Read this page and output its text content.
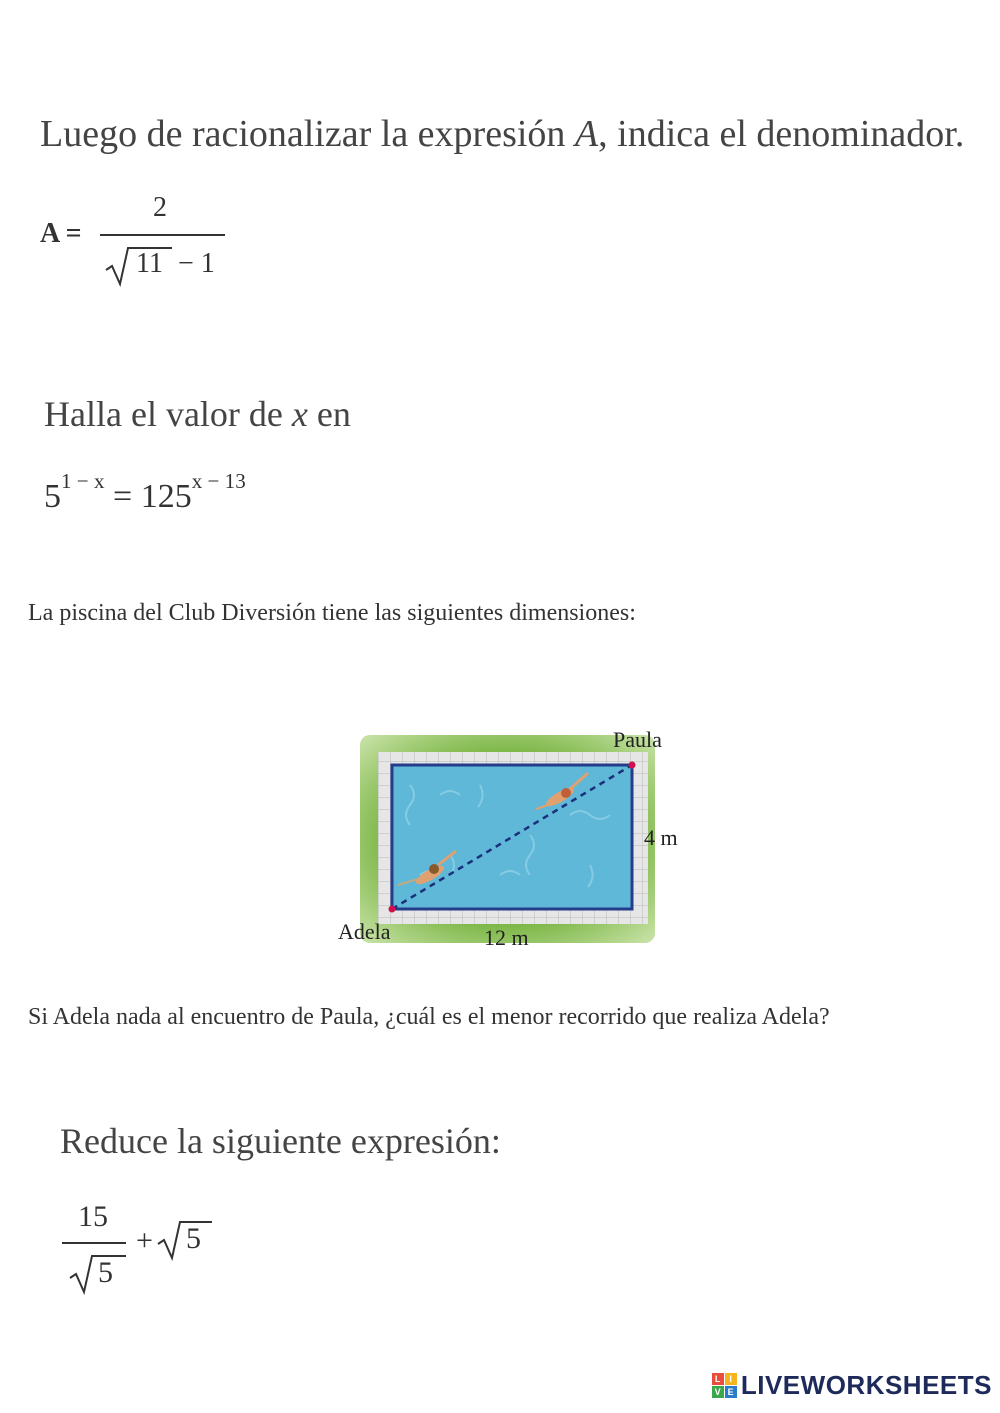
Luego de racionalizar la expresión A, indica el denominador.
A =
2
11 − 1
Halla el valor de x en
$5^{1 - x} = 125^{x - 13}$
La piscina del Club Diversión tiene las siguientes dimensiones:
Paula
4 m
Adela	12 m
Si Adela nada al encuentro de Paula, ¿cuál es el menor recorrido que realiza Adela?
Reduce la siguiente expresión:
15
5
+ 5
L I
V E LIVEWORKSHEETS
